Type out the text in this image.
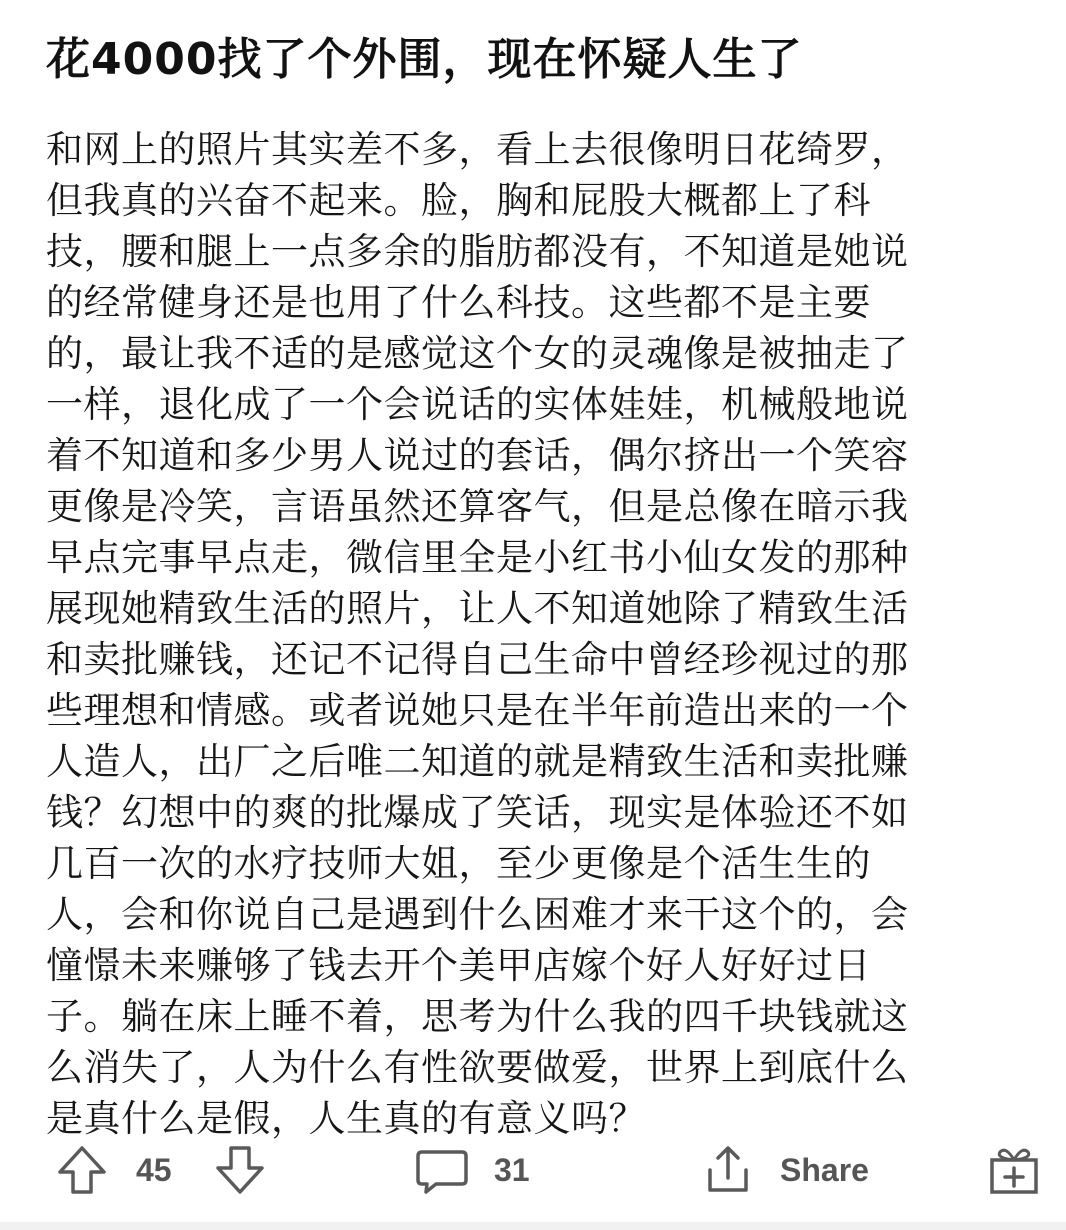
花4000找了个外围，现在怀疑人生了
和网上的照片其实差不多，看上去很像明日花绮罗，
但我真的兴奋不起来。脸，胸和屁股大概都上了科
技，腰和腿上一点多余的脂肪都没有，不知道是她说
的经常健身还是也用了什么科技。这些都不是主要
的，最让我不适的是感觉这个女的灵魂像是被抽走了
一样，退化成了一个会说话的实体娃娃，机械般地说
着不知道和多少男人说过的套话，偶尔挤出一个笑容
更像是冷笑，言语虽然还算客气，但是总像在暗示我
早点完事早点走，微信里全是小红书小仙女发的那种
展现她精致生活的照片，让人不知道她除了精致生活
和卖批赚钱，还记不记得自己生命中曾经珍视过的那
些理想和情感。或者说她只是在半年前造出来的一个
人造人，出厂之后唯二知道的就是精致生活和卖批赚
钱？幻想中的爽的批爆成了笑话，现实是体验还不如
几百一次的水疗技师大姐，至少更像是个活生生的
人，会和你说自己是遇到什么困难才来干这个的，会
憧憬未来赚够了钱去开个美甲店嫁个好人好好过日
子。躺在床上睡不着，思考为什么我的四千块钱就这
么消失了，人为什么有性欲要做爱，世界上到底什么
是真什么是假，人生真的有意义吗？
45	31	Share
